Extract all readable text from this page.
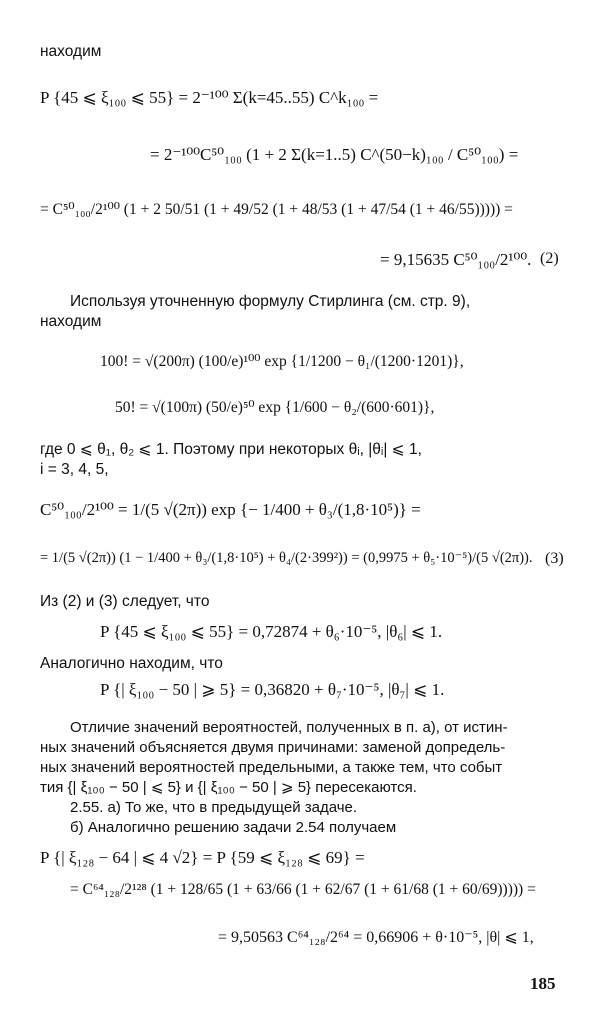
находим
P {45 ⩽ ξ₁₀₀ ⩽ 55} = 2⁻¹⁰⁰ Σ(k=45..55) C^k₁₀₀ =
= 2⁻¹⁰⁰C⁵⁰₁₀₀ (1 + 2 Σ(k=1..5) C^(50−k)₁₀₀ / C⁵⁰₁₀₀) =
= C⁵⁰₁₀₀/2¹⁰⁰ (1 + 2 50/51 (1 + 49/52 (1 + 48/53 (1 + 47/54 (1 + 46/55))))) =
= 9,15635 C⁵⁰₁₀₀/2¹⁰⁰. (2)
Используя уточненную формулу Стирлинга (см. стр. 9),
находим
100! = √(200π) (100/e)¹⁰⁰ exp {1/1200 − θ₁/(1200·1201)},
50! = √(100π) (50/e)⁵⁰ exp {1/600 − θ₂/(600·601)},
где 0 ⩽ θ₁, θ₂ ⩽ 1. Поэтому при некоторых θᵢ, |θᵢ| ⩽ 1,
i = 3, 4, 5,
C⁵⁰₁₀₀/2¹⁰⁰ = 1/(5 √(2π)) exp {− 1/400 + θ₃/(1,8·10⁵)} =
= 1/(5 √(2π)) (1 − 1/400 + θ₃/(1,8·10⁵) + θ₄/(2·399²)) = (0,9975 + θ₅·10⁻⁵)/(5 √(2π)). (3)
Из (2) и (3) следует, что
P {45 ⩽ ξ₁₀₀ ⩽ 55} = 0,72874 + θ₆·10⁻⁵, |θ₆| ⩽ 1.
Аналогично находим, что
P {| ξ₁₀₀ − 50 | ⩾ 5} = 0,36820 + θ₇·10⁻⁵, |θ₇| ⩽ 1.
Отличие значений вероятностей, полученных в п. а), от истин-
ных значений объясняется двумя причинами: заменой допредель-
ных значений вероятностей предельными, а также тем, что событ
тия {| ξ₁₀₀ − 50 | ⩽ 5} и {| ξ₁₀₀ − 50 | ⩾ 5} пересекаются.
2.55. а) То же, что в предыдущей задаче.
б) Аналогично решению задачи 2.54 получаем
P {| ξ₁₂₈ − 64 | ⩽ 4 √2} = P {59 ⩽ ξ₁₂₈ ⩽ 69} =
= C⁶⁴₁₂₈/2¹²⁸ (1 + 128/65 (1 + 63/66 (1 + 62/67 (1 + 61/68 (1 + 60/69))))) =
= 9,50563 C⁶⁴₁₂₈/2⁶⁴ = 0,66906 + θ·10⁻⁵, |θ| ⩽ 1,
185
